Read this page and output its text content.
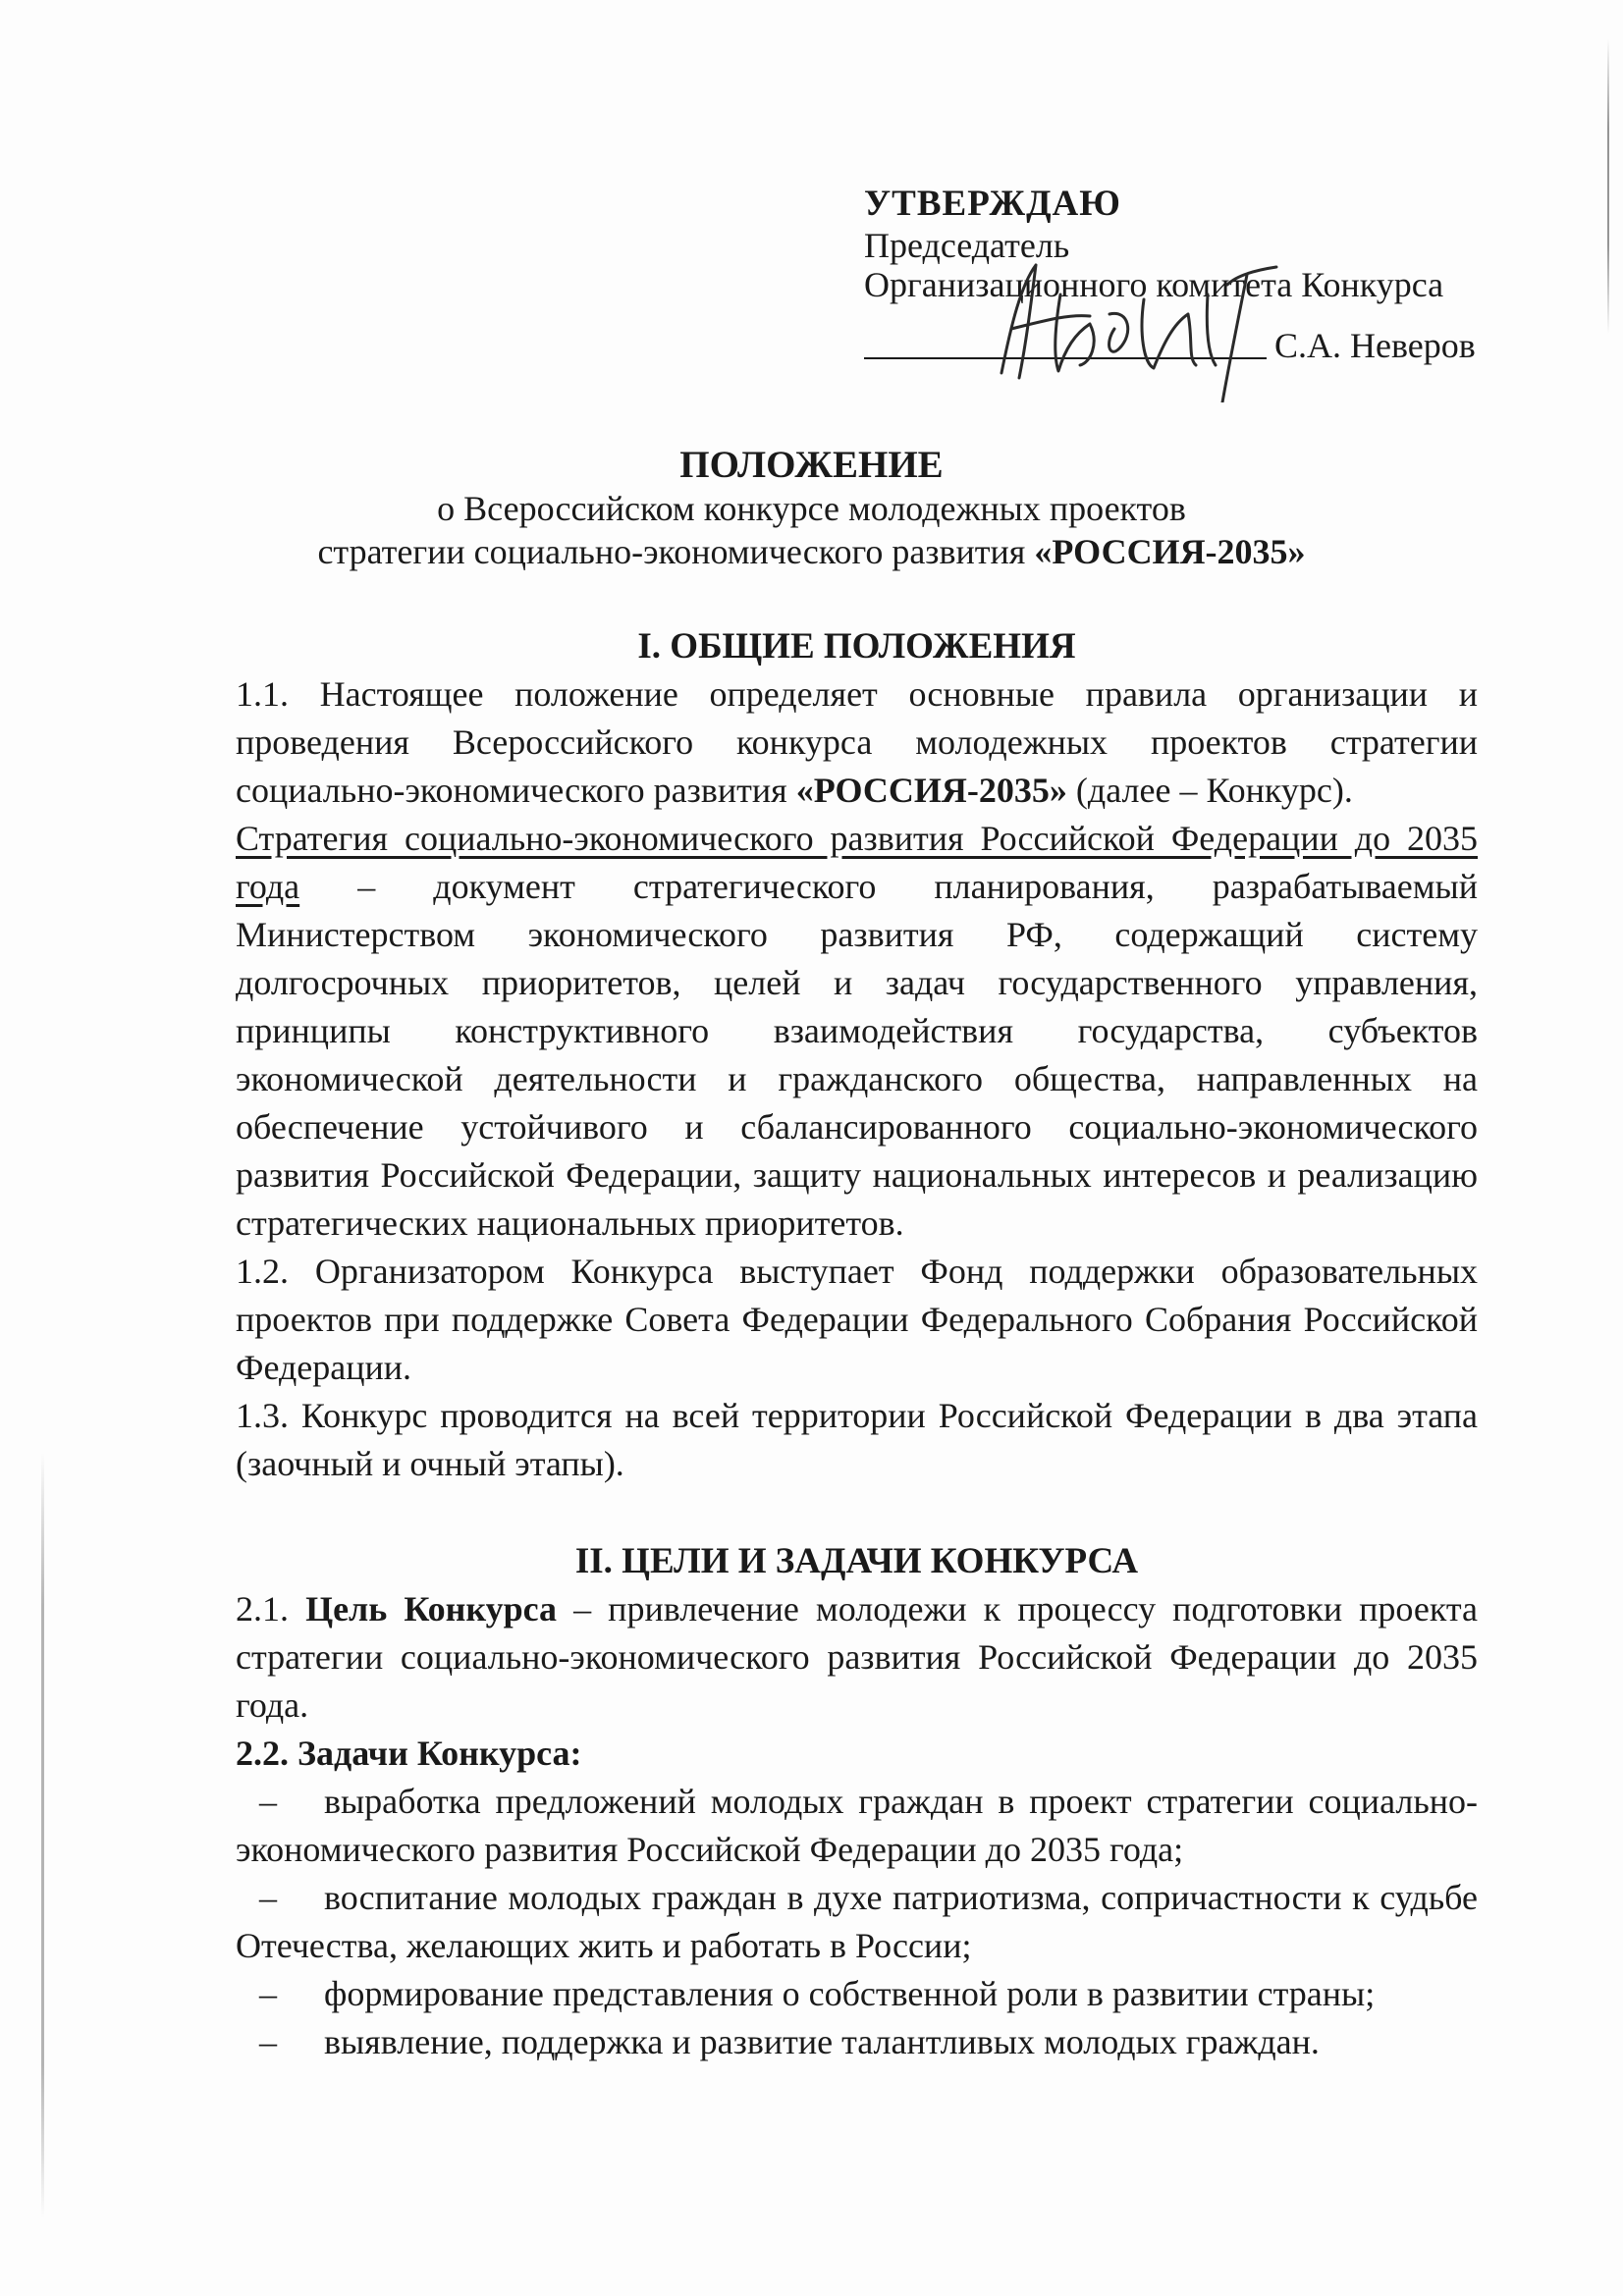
УТВЕРЖДАЮ
Председатель
Организационного комитета Конкурса
С.А. Неверов
ПОЛОЖЕНИЕ
о Всероссийском конкурсе молодежных проектов
стратегии социально-экономического развития «РОССИЯ-2035»

I. ОБЩИЕ ПОЛОЖЕНИЯ

1.1. Настоящее положение определяет основные правила организации и проведения Всероссийского конкурса молодежных проектов стратегии социально-экономического развития «РОССИЯ-2035» (далее – Конкурс).

Стратегия социально-экономического развития Российской Федерации до 2035 года – документ стратегического планирования, разрабатываемый Министерством экономического развития РФ, содержащий систему долгосрочных приоритетов, целей и задач государственного управления, принципы конструктивного взаимодействия государства, субъектов экономической деятельности и гражданского общества, направленных на обеспечение устойчивого и сбалансированного социально-экономического развития Российской Федерации, защиту национальных интересов и реализацию стратегических национальных приоритетов.

1.2. Организатором Конкурса выступает Фонд поддержки образовательных проектов при поддержке Совета Федерации Федерального Собрания Российской Федерации.

1.3. Конкурс проводится на всей территории Российской Федерации в два этапа (заочный и очный этапы).

II. ЦЕЛИ И ЗАДАЧИ КОНКУРСА

2.1. Цель Конкурса – привлечение молодежи к процессу подготовки проекта стратегии социально-экономического развития Российской Федерации до 2035 года.

2.2. Задачи Конкурса:

– выработка предложений молодых граждан в проект стратегии социально-экономического развития Российской Федерации до 2035 года;

– воспитание молодых граждан в духе патриотизма, сопричастности к судьбе Отечества, желающих жить и работать в России;

– формирование представления о собственной роли в развитии страны;

– выявление, поддержка и развитие талантливых молодых граждан.
